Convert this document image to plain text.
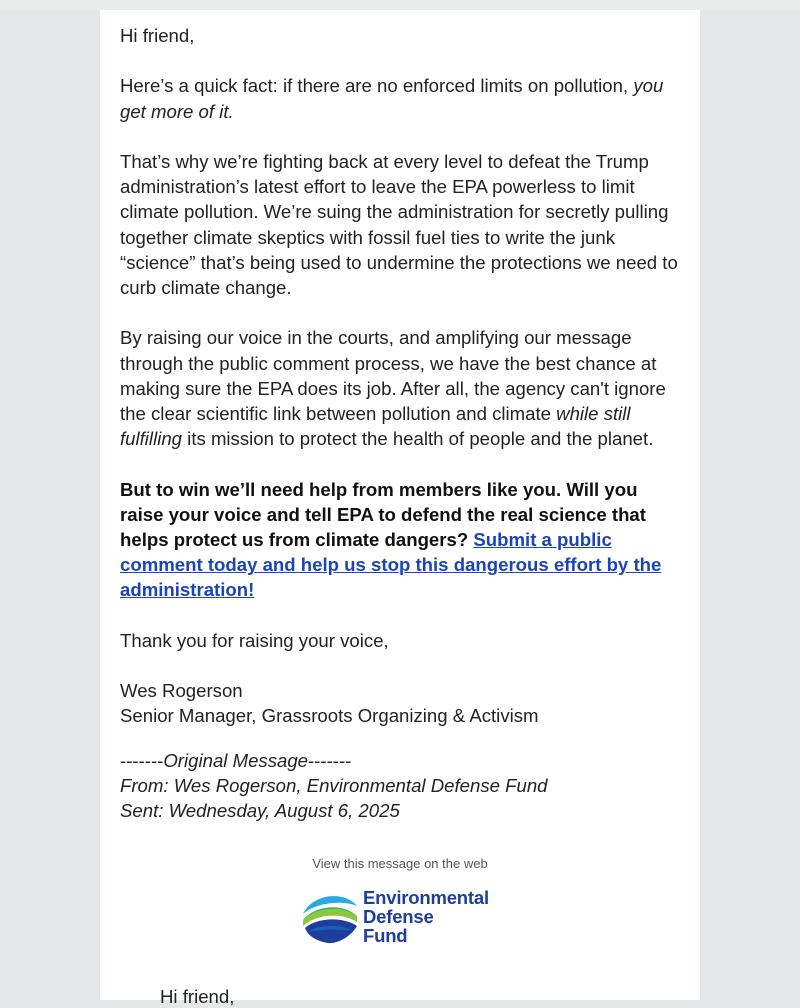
Hi friend,

Here’s a quick fact: if there are no enforced limits on pollution, you get more of it.

That’s why we’re fighting back at every level to defeat the Trump administration’s latest effort to leave the EPA powerless to limit climate pollution. We’re suing the administration for secretly pulling together climate skeptics with fossil fuel ties to write the junk “science” that’s being used to undermine the protections we need to curb climate change.

By raising our voice in the courts, and amplifying our message through the public comment process, we have the best chance at making sure the EPA does its job. After all, the agency can't ignore the clear scientific link between pollution and climate while still fulfilling its mission to protect the health of people and the planet.

But to win we’ll need help from members like you. Will you raise your voice and tell EPA to defend the real science that helps protect us from climate dangers? Submit a public comment today and help us stop this dangerous effort by the administration!

Thank you for raising your voice,

Wes Rogerson
Senior Manager, Grassroots Organizing & Activism
-------Original Message-------
From: Wes Rogerson, Environmental Defense Fund
Sent: Wednesday, August 6, 2025
View this message on the web
Environmental
Defense
Fund
Hi friend,
